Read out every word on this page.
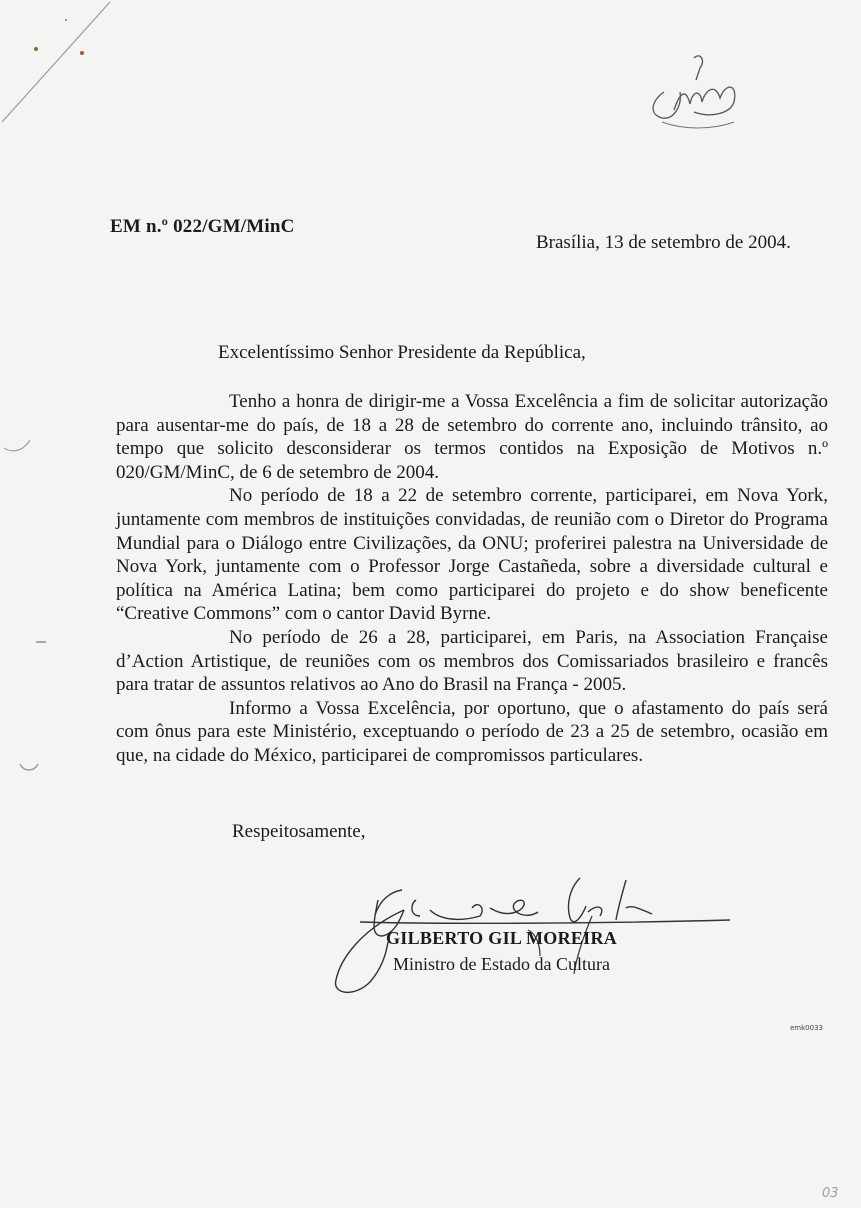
EM n.º 022/GM/MinC
Brasília, 13 de setembro de 2004.
Excelentíssimo Senhor Presidente da República,

Tenho a honra de dirigir-me a Vossa Excelência a fim de solicitar autorização para ausentar-me do país, de 18 a 28 de setembro do corrente ano, incluindo trânsito, ao tempo que solicito desconsiderar os termos contidos na Exposição de Motivos n.º 020/GM/MinC, de 6 de setembro de 2004.

No período de 18 a 22 de setembro corrente, participarei, em Nova York, juntamente com membros de instituições convidadas, de reunião com o Diretor do Programa Mundial para o Diálogo entre Civilizações, da ONU; proferirei palestra na Universidade de Nova York, juntamente com o Professor Jorge Castañeda, sobre a diversidade cultural e política na América Latina; bem como participarei do projeto e do show beneficente “Creative Commons” com o cantor David Byrne.

No período de 26 a 28, participarei, em Paris, na Association Française d’Action Artistique, de reuniões com os membros dos Comissariados brasileiro e francês para tratar de assuntos relativos ao Ano do Brasil na França - 2005.

Informo a Vossa Excelência, por oportuno, que o afastamento do país será com ônus para este Ministério, exceptuando o período de 23 a 25 de setembro, ocasião em que, na cidade do México, participarei de compromissos particulares.

Respeitosamente,
GILBERTO GIL MOREIRA
Ministro de Estado da Cultura
emk0033
03
